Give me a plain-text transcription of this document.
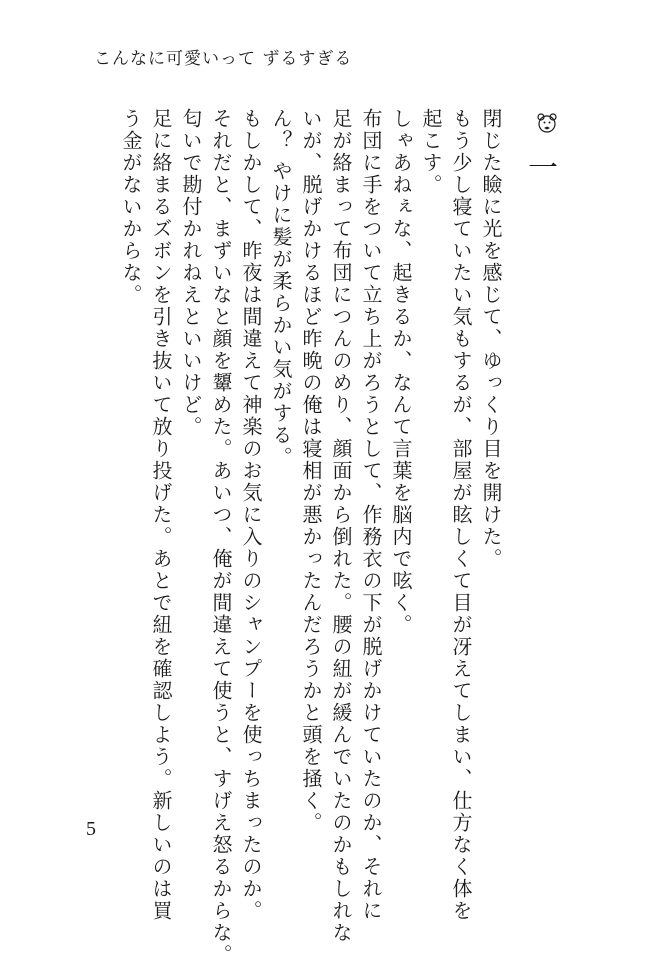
こんなに可愛いって ずるすぎる
一
閉じた瞼に光を感じて、ゆっくり目を開けた。
もう少し寝ていたい気もするが、部屋が眩しくて目が冴えてしまい、仕方なく体を
起こす。
しゃあねぇな、起きるか、なんて言葉を脳内で呟く。
布団に手をついて立ち上がろうとして、作務衣の下が脱げかけていたのか、それに
足が絡まって布団につんのめり、顔面から倒れた。腰の紐が緩んでいたのかもしれな
いが、脱げかけるほど昨晩の俺は寝相が悪かったんだろうかと頭を掻く。
ん？ やけに髪が柔らかい気がする。
もしかして、昨夜は間違えて神楽のお気に入りのシャンプーを使っちまったのか。
それだと、まずいなと顔を顰めた。あいつ、俺が間違えて使うと、すげえ怒るからな。
匂いで勘付かれねえといいけど。
足に絡まるズボンを引き抜いて放り投げた。あとで紐を確認しよう。新しいのは買
う金がないからな。
5
